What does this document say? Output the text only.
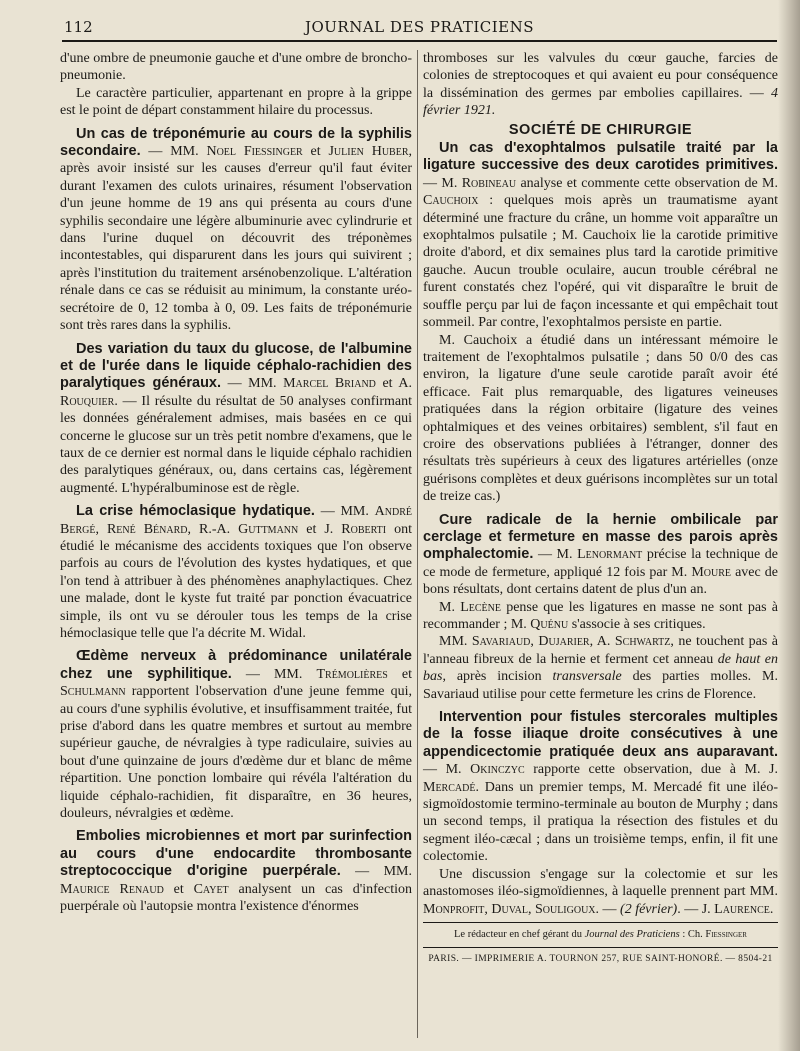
112	JOURNAL DES PRATICIENS

d'une ombre de pneumonie gauche et d'une ombre de broncho-pneumonie.

Le caractère particulier, appartenant en propre à la grippe est le point de départ constamment hilaire du processus.

Un cas de tréponémurie au cours de la syphilis secondaire. — MM. Noel Fiessinger et Julien Huber, après avoir insisté sur les causes d'erreur qu'il faut éviter durant l'examen des culots urinaires, résument l'observation d'un jeune homme de 19 ans qui présenta au cours d'une syphilis secondaire une légère albuminurie avec cylindrurie et dans l'urine duquel on découvrit des tréponèmes incontestables, qui disparurent dans les jours qui suivirent ; après l'institution du traitement arsénobenzolique. L'altération rénale dans ce cas se réduisit au minimum, la constante uréo-secrétoire de 0, 12 tomba à 0, 09. Les faits de tréponémurie sont très rares dans la syphilis.

Des variation du taux du glucose, de l'albumine et de l'urée dans le liquide céphalo-rachidien des paralytiques généraux. — MM. Marcel Briand et A. Rouquier. — Il résulte du résultat de 50 analyses confirmant les données généralement admises, mais basées en ce qui concerne le glucose sur un très petit nombre d'examens, que le taux de ce dernier est normal dans le liquide céphalo rachidien des paralytiques généraux, ou, dans certains cas, légèrement augmenté. L'hypéralbuminose est de règle.

La crise hémoclasique hydatique. — MM. André Bergé, René Bénard, R.-A. Guttmann et J. Roberti ont étudié le mécanisme des accidents toxiques que l'on observe parfois au cours de l'évolution des kystes hydatiques, et que l'on tend à attribuer à des phénomènes anaphylactiques. Chez une malade, dont le kyste fut traité par ponction évacuatrice simple, ils ont vu se dérouler tous les temps de la crise hémoclasique telle que l'a décrite M. Widal.

Œdème nerveux à prédominance unilatérale chez une syphilitique. — MM. Trémolières et Schulmann rapportent l'observation d'une jeune femme qui, au cours d'une syphilis évolutive, et insuffisamment traitée, fut prise d'abord dans les quatre membres et surtout au membre supérieur gauche, de névralgies à type radiculaire, suivies au bout d'une quinzaine de jours d'œdème dur et blanc de même répartition. Une ponction lombaire qui révéla l'altération du liquide céphalo-rachidien, fit disparaître, en 36 heures, douleurs, névralgies et œdème.

Embolies microbiennes et mort par surinfection au cours d'une endocardite thrombosante streptococcique d'origine puerpérale. — MM. Maurice Renaud et Cayet analysent un cas d'infection puerpérale où l'autopsie montra l'existence d'énormes

thromboses sur les valvules du cœur gauche, farcies de colonies de streptocoques et qui avaient eu pour conséquence la dissémination des germes par embolies capillaires. — 4 février 1921.

SOCIÉTÉ DE CHIRURGIE

Un cas d'exophtalmos pulsatile traité par la ligature successive des deux carotides primitives. — M. Robineau analyse et commente cette observation de M. Cauchoix : quelques mois après un traumatisme ayant déterminé une fracture du crâne, un homme voit apparaître un exophtalmos pulsatile ; M. Cauchoix lie la carotide primitive droite d'abord, et dix semaines plus tard la carotide primitive gauche. Aucun trouble oculaire, aucun trouble cérébral ne furent constatés chez l'opéré, qui vit disparaître le bruit de souffle perçu par lui de façon incessante et qui empêchait tout sommeil. Par contre, l'exophtalmos persiste en partie.

M. Cauchoix a étudié dans un intéressant mémoire le traitement de l'exophtalmos pulsatile ; dans 50 0/0 des cas environ, la ligature d'une seule carotide paraît avoir été efficace. Fait plus remarquable, des ligatures veineuses pratiquées dans la région orbitaire (ligature des veines ophtalmiques et des veines orbitaires) semblent, s'il faut en croire des observations publiées à l'étranger, donner des résultats très supérieurs à ceux des ligatures artérielles (onze guérisons complètes et deux guérisons incomplètes sur un total de treize cas.)

Cure radicale de la hernie ombilicale par cerclage et fermeture en masse des parois après omphalectomie. — M. Lenormant précise la technique de ce mode de fermeture, appliqué 12 fois par M. Moure avec de bons résultats, dont certains datent de plus d'un an.

M. Lecène pense que les ligatures en masse ne sont pas à recommander ; M. Quénu s'associe à ses critiques.

MM. Savariaud, Dujarier, A. Schwartz, ne touchent pas à l'anneau fibreux de la hernie et ferment cet anneau de haut en bas, après incision transversale des parties molles. M. Savariaud utilise pour cette fermeture les crins de Florence.

Intervention pour fistules stercorales multiples de la fosse iliaque droite consécutives à une appendicectomie pratiquée deux ans auparavant. — M. Okinczyc rapporte cette observation, due à M. J. Mercadé. Dans un premier temps, M. Mercadé fit une iléo-sigmoïdostomie termino-terminale au bouton de Murphy ; dans un second temps, il pratiqua la résection des fistules et du segment iléo-cæcal ; dans un troisième temps, enfin, il fit une colectomie.

Une discussion s'engage sur la colectomie et sur les anastomoses iléo-sigmoïdiennes, à laquelle prennent part MM. Monprofit, Duval, Souligoux. — (2 février). — J. Laurence.

Le rédacteur en chef gérant du Journal des Praticiens : Ch. Fiessinger

PARIS. — IMPRIMERIE A. TOURNON 257, RUE SAINT-HONORÉ. — 8504-21
